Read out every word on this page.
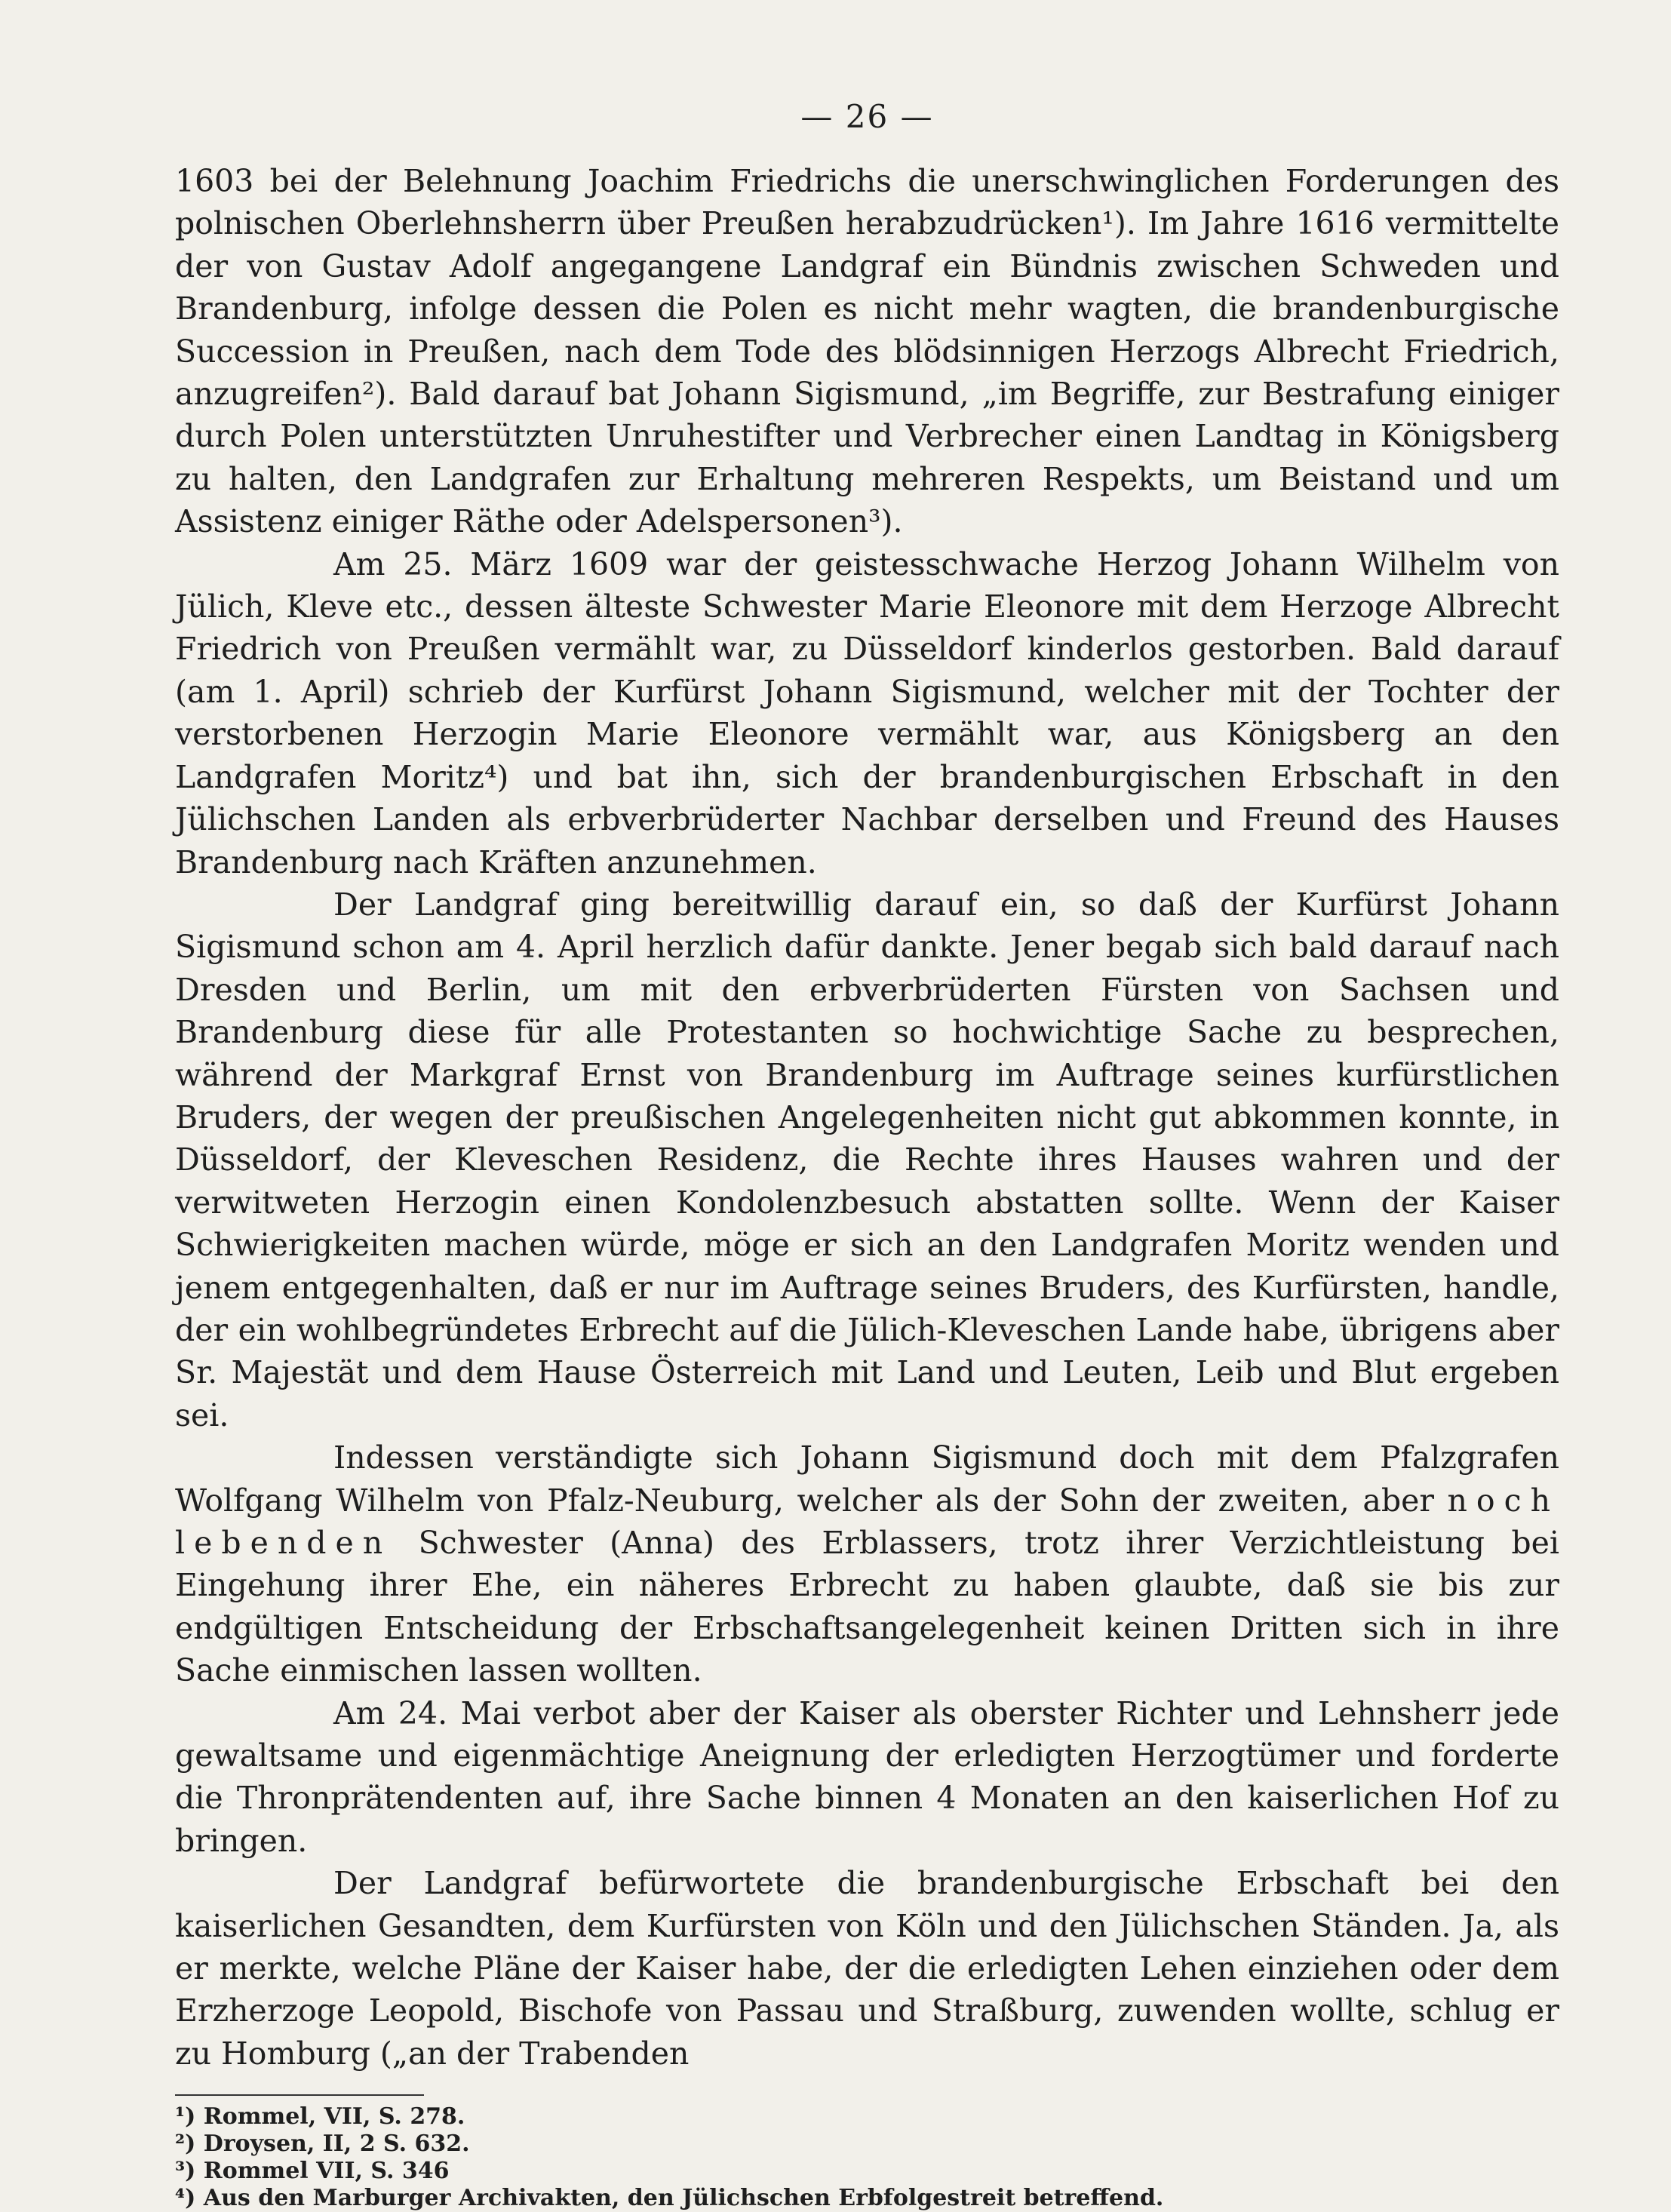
— 26 —

1603 bei der Belehnung Joachim Friedrichs die unerschwinglichen Forderungen des polnischen Oberlehnsherrn über Preußen herabzudrücken¹). Im Jahre 1616 vermittelte der von Gustav Adolf angegangene Landgraf ein Bündnis zwischen Schweden und Brandenburg, infolge dessen die Polen es nicht mehr wagten, die brandenburgische Succession in Preußen, nach dem Tode des blödsinnigen Herzogs Albrecht Friedrich, anzugreifen²). Bald darauf bat Johann Sigismund, „im Begriffe, zur Bestrafung einiger durch Polen unterstützten Unruhestifter und Verbrecher einen Landtag in Königsberg zu halten, den Landgrafen zur Erhaltung mehreren Respekts, um Beistand und um Assistenz einiger Räthe oder Adelspersonen³).

Am 25. März 1609 war der geistesschwache Herzog Johann Wilhelm von Jülich, Kleve etc., dessen älteste Schwester Marie Eleonore mit dem Herzoge Albrecht Friedrich von Preußen vermählt war, zu Düsseldorf kinderlos gestorben. Bald darauf (am 1. April) schrieb der Kurfürst Johann Sigismund, welcher mit der Tochter der verstorbenen Herzogin Marie Eleonore vermählt war, aus Königsberg an den Landgrafen Moritz⁴) und bat ihn, sich der brandenburgischen Erbschaft in den Jülichschen Landen als erbverbrüderter Nachbar derselben und Freund des Hauses Brandenburg nach Kräften anzunehmen.

Der Landgraf ging bereitwillig darauf ein, so daß der Kurfürst Johann Sigismund schon am 4. April herzlich dafür dankte. Jener begab sich bald darauf nach Dresden und Berlin, um mit den erbverbrüderten Fürsten von Sachsen und Brandenburg diese für alle Protestanten so hochwichtige Sache zu besprechen, während der Markgraf Ernst von Brandenburg im Auftrage seines kurfürstlichen Bruders, der wegen der preußischen Angelegenheiten nicht gut abkommen konnte, in Düsseldorf, der Kleveschen Residenz, die Rechte ihres Hauses wahren und der verwitweten Herzogin einen Kondolenzbesuch abstatten sollte. Wenn der Kaiser Schwierigkeiten machen würde, möge er sich an den Landgrafen Moritz wenden und jenem entgegenhalten, daß er nur im Auftrage seines Bruders, des Kurfürsten, handle, der ein wohlbegründetes Erbrecht auf die Jülich-Kleveschen Lande habe, übrigens aber Sr. Majestät und dem Hause Österreich mit Land und Leuten, Leib und Blut ergeben sei.

Indessen verständigte sich Johann Sigismund doch mit dem Pfalzgrafen Wolfgang Wilhelm von Pfalz-Neuburg, welcher als der Sohn der zweiten, aber noch lebenden Schwester (Anna) des Erblassers, trotz ihrer Verzichtleistung bei Eingehung ihrer Ehe, ein näheres Erbrecht zu haben glaubte, daß sie bis zur endgültigen Entscheidung der Erbschaftsangelegenheit keinen Dritten sich in ihre Sache einmischen lassen wollten.

Am 24. Mai verbot aber der Kaiser als oberster Richter und Lehnsherr jede gewaltsame und eigenmächtige Aneignung der erledigten Herzogtümer und forderte die Thronprätendenten auf, ihre Sache binnen 4 Monaten an den kaiserlichen Hof zu bringen.

Der Landgraf befürwortete die brandenburgische Erbschaft bei den kaiserlichen Gesandten, dem Kurfürsten von Köln und den Jülichschen Ständen. Ja, als er merkte, welche Pläne der Kaiser habe, der die erledigten Lehen einziehen oder dem Erzherzoge Leopold, Bischofe von Passau und Straßburg, zuwenden wollte, schlug er zu Homburg („an der Trabenden

¹) Rommel, VII, S. 278.

²) Droysen, II, 2 S. 632.

³) Rommel VII, S. 346

⁴) Aus den Marburger Archivakten, den Jülichschen Erbfolgestreit betreffend.
